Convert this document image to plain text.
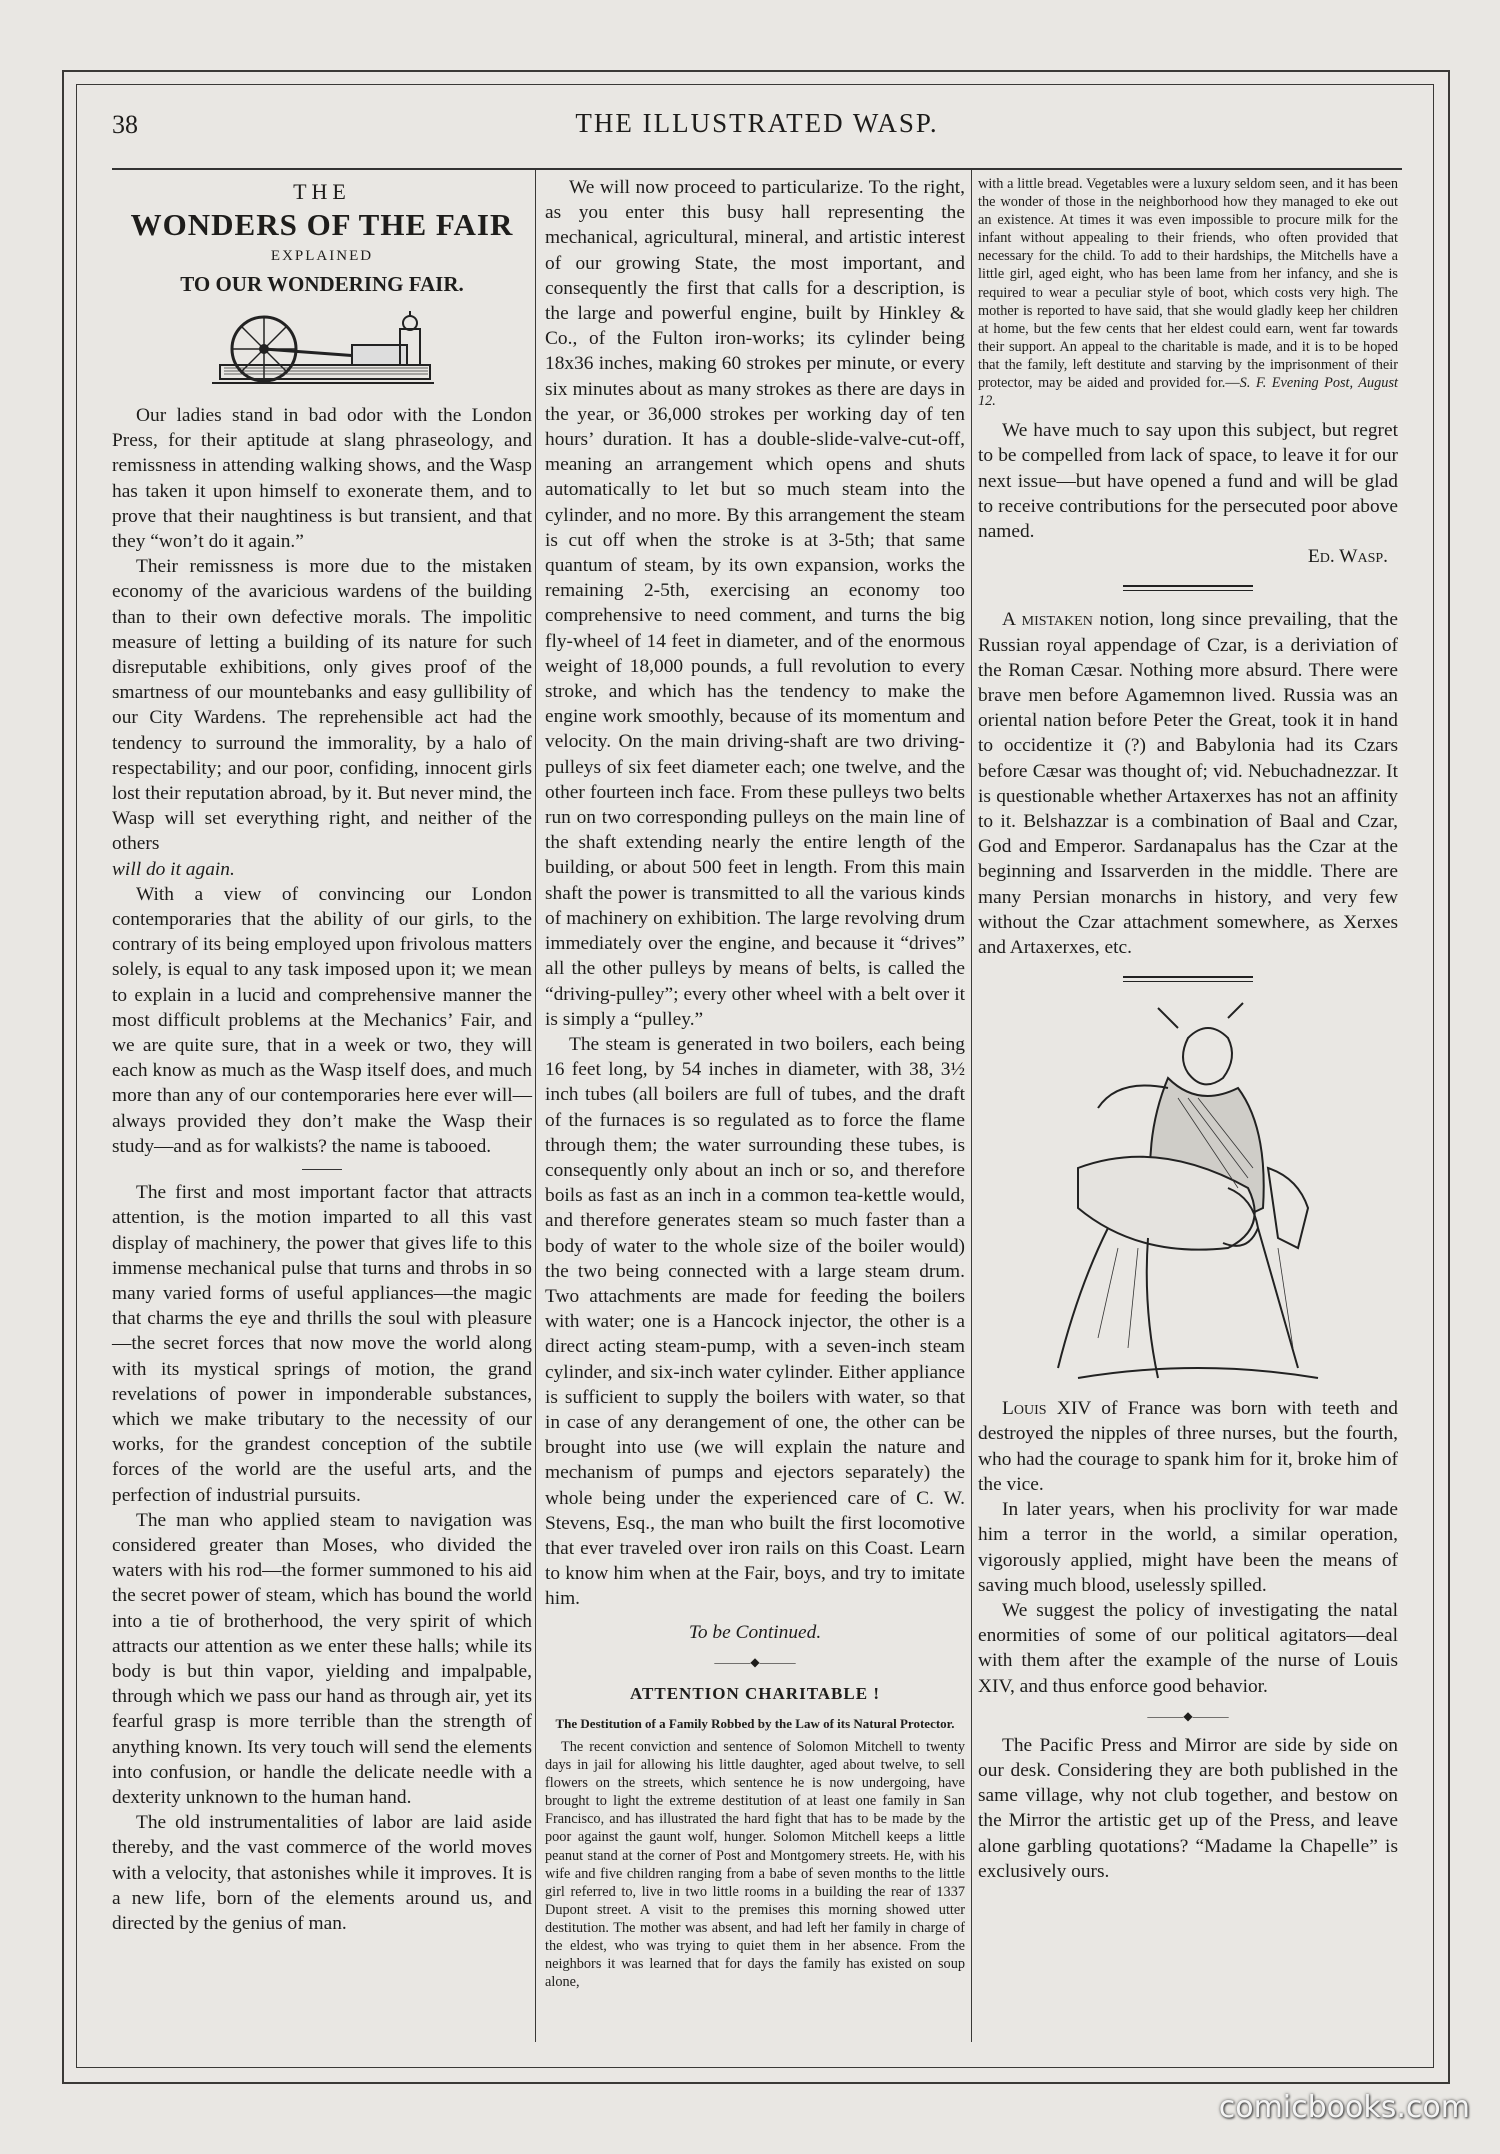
38	THE ILLUSTRATED WASP.
THE
WONDERS OF THE FAIR
EXPLAINED
TO OUR WONDERING FAIR.

Our ladies stand in bad odor with the London Press, for their aptitude at slang phraseology, and remissness in attending walking shows, and the Wasp has taken it upon himself to exonerate them, and to prove that their naughtiness is but transient, and that they “won’t do it again.”

Their remissness is more due to the mistaken economy of the avaricious wardens of the building than to their own defective morals. The impolitic measure of letting a building of its nature for such disreputable exhibitions, only gives proof of the smartness of our mountebanks and easy gullibility of our City Wardens. The reprehensible act had the tendency to surround the immorality, by a halo of respectability; and our poor, confiding, innocent girls lost their reputation abroad, by it. But never mind, the Wasp will set everything right, and neither of the others

will do it again.

With a view of convincing our London contemporaries that the ability of our girls, to the contrary of its being employed upon frivolous matters solely, is equal to any task imposed upon it; we mean to explain in a lucid and comprehensive manner the most difficult problems at the Mechanics’ Fair, and we are quite sure, that in a week or two, they will each know as much as the Wasp itself does, and much more than any of our contemporaries here ever will—always provided they don’t make the Wasp their study—and as for walkists? the name is tabooed.

The first and most important factor that attracts attention, is the motion imparted to all this vast display of machinery, the power that gives life to this immense mechanical pulse that turns and throbs in so many varied forms of useful appliances—the magic that charms the eye and thrills the soul with pleasure—the secret forces that now move the world along with its mystical springs of motion, the grand revelations of power in imponderable substances, which we make tributary to the necessity of our works, for the grandest conception of the subtile forces of the world are the useful arts, and the perfection of industrial pursuits.

The man who applied steam to navigation was considered greater than Moses, who divided the waters with his rod—the former summoned to his aid the secret power of steam, which has bound the world into a tie of brotherhood, the very spirit of which attracts our attention as we enter these halls; while its body is but thin vapor, yielding and impalpable, through which we pass our hand as through air, yet its fearful grasp is more terrible than the strength of anything known. Its very touch will send the elements into confusion, or handle the delicate needle with a dexterity unknown to the human hand.

The old instrumentalities of labor are laid aside thereby, and the vast commerce of the world moves with a velocity, that astonishes while it improves. It is a new life, born of the elements around us, and directed by the genius of man.

We will now proceed to particularize. To the right, as you enter this busy hall representing the mechanical, agricultural, mineral, and artistic interest of our growing State, the most important, and consequently the first that calls for a description, is the large and powerful engine, built by Hinkley & Co., of the Fulton iron-works; its cylinder being 18x36 inches, making 60 strokes per minute, or every six minutes about as many strokes as there are days in the year, or 36,000 strokes per working day of ten hours’ duration. It has a double-slide-valve-cut-off, meaning an arrangement which opens and shuts automatically to let but so much steam into the cylinder, and no more. By this arrangement the steam is cut off when the stroke is at 3-5th; that same quantum of steam, by its own expansion, works the remaining 2-5th, exercising an economy too comprehensive to need comment, and turns the big fly-wheel of 14 feet in diameter, and of the enormous weight of 18,000 pounds, a full revolution to every stroke, and which has the tendency to make the engine work smoothly, because of its momentum and velocity. On the main driving-shaft are two driving-pulleys of six feet diameter each; one twelve, and the other fourteen inch face. From these pulleys two belts run on two corresponding pulleys on the main line of the shaft extending nearly the entire length of the building, or about 500 feet in length. From this main shaft the power is transmitted to all the various kinds of machinery on exhibition. The large revolving drum immediately over the engine, and because it “drives” all the other pulleys by means of belts, is called the “driving-pulley”; every other wheel with a belt over it is simply a “pulley.”

The steam is generated in two boilers, each being 16 feet long, by 54 inches in diameter, with 38, 3½ inch tubes (all boilers are full of tubes, and the draft of the furnaces is so regulated as to force the flame through them; the water surrounding these tubes, is consequently only about an inch or so, and therefore boils as fast as an inch in a common tea-kettle would, and therefore generates steam so much faster than a body of water to the whole size of the boiler would) the two being connected with a large steam drum. Two attachments are made for feeding the boilers with water; one is a Hancock injector, the other is a direct acting steam-pump, with a seven-inch steam cylinder, and six-inch water cylinder. Either appliance is sufficient to supply the boilers with water, so that in case of any derangement of one, the other can be brought into use (we will explain the nature and mechanism of pumps and ejectors separately) the whole being under the experienced care of C. W. Stevens, Esq., the man who built the first locomotive that ever traveled over iron rails on this Coast. Learn to know him when at the Fair, boys, and try to imitate him.

To be Continued.

———◆———
ATTENTION CHARITABLE !
The Destitution of a Family Robbed by the Law of its Natural Protector.

The recent conviction and sentence of Solomon Mitchell to twenty days in jail for allowing his little daughter, aged about twelve, to sell flowers on the streets, which sentence he is now undergoing, have brought to light the extreme destitution of at least one family in San Francisco, and has illustrated the hard fight that has to be made by the poor against the gaunt wolf, hunger. Solomon Mitchell keeps a little peanut stand at the corner of Post and Montgomery streets. He, with his wife and five children ranging from a babe of seven months to the little girl referred to, live in two little rooms in a building the rear of 1337 Dupont street. A visit to the premises this morning showed utter destitution. The mother was absent, and had left her family in charge of the eldest, who was trying to quiet them in her absence. From the neighbors it was learned that for days the family has existed on soup alone,

with a little bread. Vegetables were a luxury seldom seen, and it has been the wonder of those in the neighborhood how they managed to eke out an existence. At times it was even impossible to procure milk for the infant without appealing to their friends, who often provided that necessary for the child. To add to their hardships, the Mitchells have a little girl, aged eight, who has been lame from her infancy, and she is required to wear a peculiar style of boot, which costs very high. The mother is reported to have said, that she would gladly keep her children at home, but the few cents that her eldest could earn, went far towards their support. An appeal to the charitable is made, and it is to be hoped that the family, left destitute and starving by the imprisonment of their protector, may be aided and provided for.—S. F. Evening Post, August 12.

We have much to say upon this subject, but regret to be compelled from lack of space, to leave it for our next issue—but have opened a fund and will be glad to receive contributions for the persecuted poor above named.

Ed. Wasp.

A mistaken notion, long since prevailing, that the Russian royal appendage of Czar, is a deriviation of the Roman Cæsar. Nothing more absurd. There were brave men before Agamemnon lived. Russia was an oriental nation before Peter the Great, took it in hand to occidentize it (?) and Babylonia had its Czars before Cæsar was thought of; vid. Nebuchadnezzar. It is questionable whether Artaxerxes has not an affinity to it. Belshazzar is a combination of Baal and Czar, God and Emperor. Sardanapalus has the Czar at the beginning and Issarverden in the middle. There are many Persian monarchs in history, and very few without the Czar attachment somewhere, as Xerxes and Artaxerxes, etc.

Louis XIV of France was born with teeth and destroyed the nipples of three nurses, but the fourth, who had the courage to spank him for it, broke him of the vice.

In later years, when his proclivity for war made him a terror in the world, a similar operation, vigorously applied, might have been the means of saving much blood, uselessly spilled.

We suggest the policy of investigating the natal enormities of some of our political agitators—deal with them after the example of the nurse of Louis XIV, and thus enforce good behavior.

———◆———

The Pacific Press and Mirror are side by side on our desk. Considering they are both published in the same village, why not club together, and bestow on the Mirror the artistic get up of the Press, and leave alone garbling quotations? “Madame la Chapelle” is exclusively ours.

comicbooks.com
